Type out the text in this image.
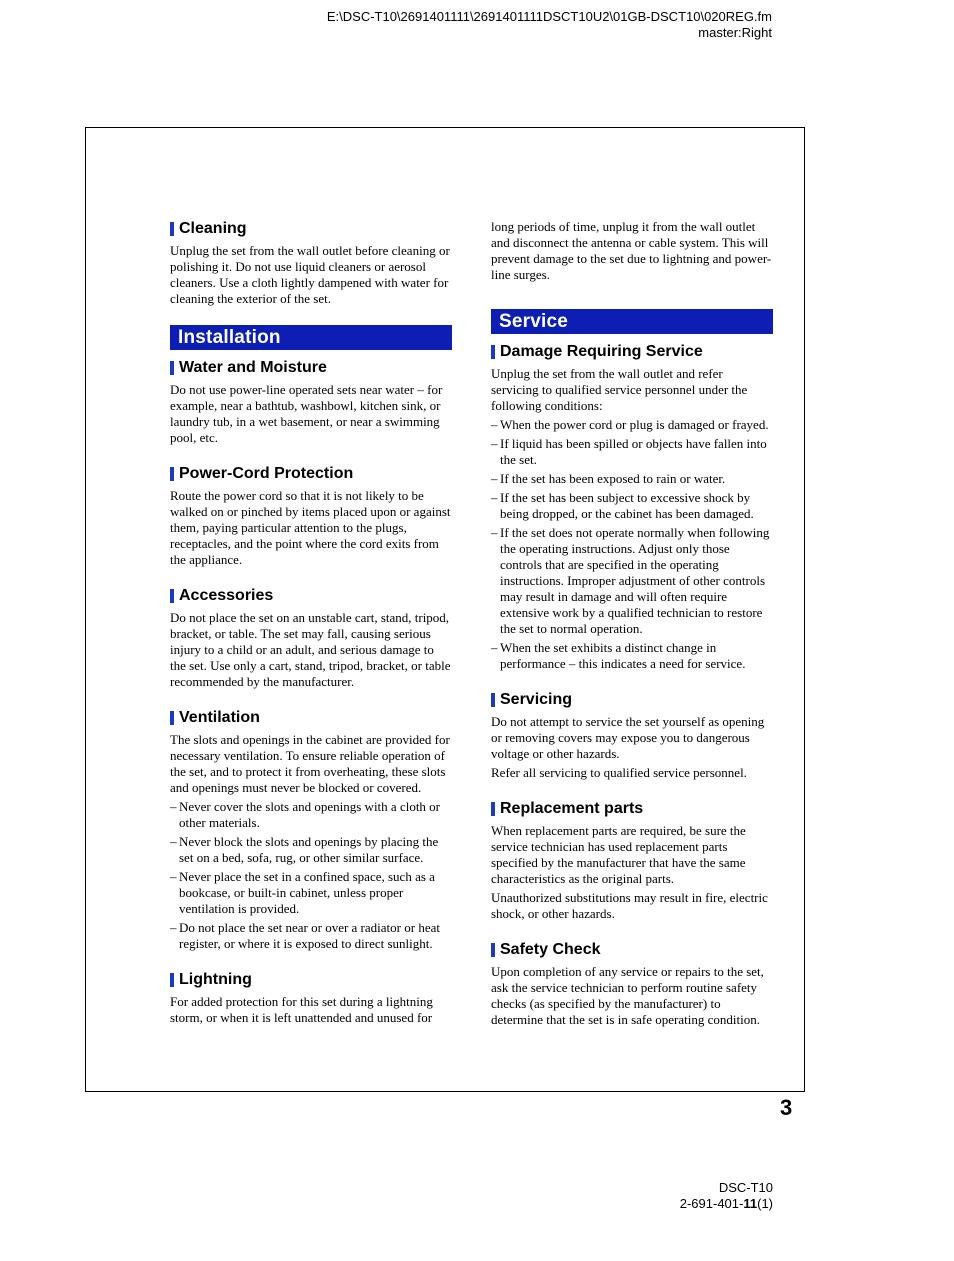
E:\DSC-T10\2691401111\2691401111DSCT10U2\01GB-DSCT10\020REG.fm
master:Right
Cleaning

Unplug the set from the wall outlet before cleaning or polishing it. Do not use liquid cleaners or aerosol cleaners. Use a cloth lightly dampened with water for cleaning the exterior of the set.

Installation
Water and Moisture

Do not use power-line operated sets near water – for example, near a bathtub, washbowl, kitchen sink, or laundry tub, in a wet basement, or near a swimming pool, etc.

Power-Cord Protection

Route the power cord so that it is not likely to be walked on or pinched by items placed upon or against them, paying particular attention to the plugs, receptacles, and the point where the cord exits from the appliance.

Accessories

Do not place the set on an unstable cart, stand, tripod, bracket, or table. The set may fall, causing serious injury to a child or an adult, and serious damage to the set. Use only a cart, stand, tripod, bracket, or table recommended by the manufacturer.

Ventilation

The slots and openings in the cabinet are provided for necessary ventilation. To ensure reliable operation of the set, and to protect it from overheating, these slots and openings must never be blocked or covered.

– Never cover the slots and openings with a cloth or other materials.
– Never block the slots and openings by placing the set on a bed, sofa, rug, or other similar surface.
– Never place the set in a confined space, such as a bookcase, or built-in cabinet, unless proper ventilation is provided.
– Do not place the set near or over a radiator or heat register, or where it is exposed to direct sunlight.
Lightning

For added protection for this set during a lightning storm, or when it is left unattended and unused for

long periods of time, unplug it from the wall outlet and disconnect the antenna or cable system. This will prevent damage to the set due to lightning and power-line surges.

Service
Damage Requiring Service

Unplug the set from the wall outlet and refer servicing to qualified service personnel under the following conditions:

– When the power cord or plug is damaged or frayed.
– If liquid has been spilled or objects have fallen into the set.
– If the set has been exposed to rain or water.
– If the set has been subject to excessive shock by being dropped, or the cabinet has been damaged.
– If the set does not operate normally when following the operating instructions. Adjust only those controls that are specified in the operating instructions. Improper adjustment of other controls may result in damage and will often require extensive work by a qualified technician to restore the set to normal operation.
– When the set exhibits a distinct change in performance – this indicates a need for service.
Servicing

Do not attempt to service the set yourself as opening or removing covers may expose you to dangerous voltage or other hazards.

Refer all servicing to qualified service personnel.

Replacement parts

When replacement parts are required, be sure the service technician has used replacement parts specified by the manufacturer that have the same characteristics as the original parts.

Unauthorized substitutions may result in fire, electric shock, or other hazards.

Safety Check

Upon completion of any service or repairs to the set, ask the service technician to perform routine safety checks (as specified by the manufacturer) to determine that the set is in safe operating condition.

3
DSC-T10
2-691-401-11(1)
